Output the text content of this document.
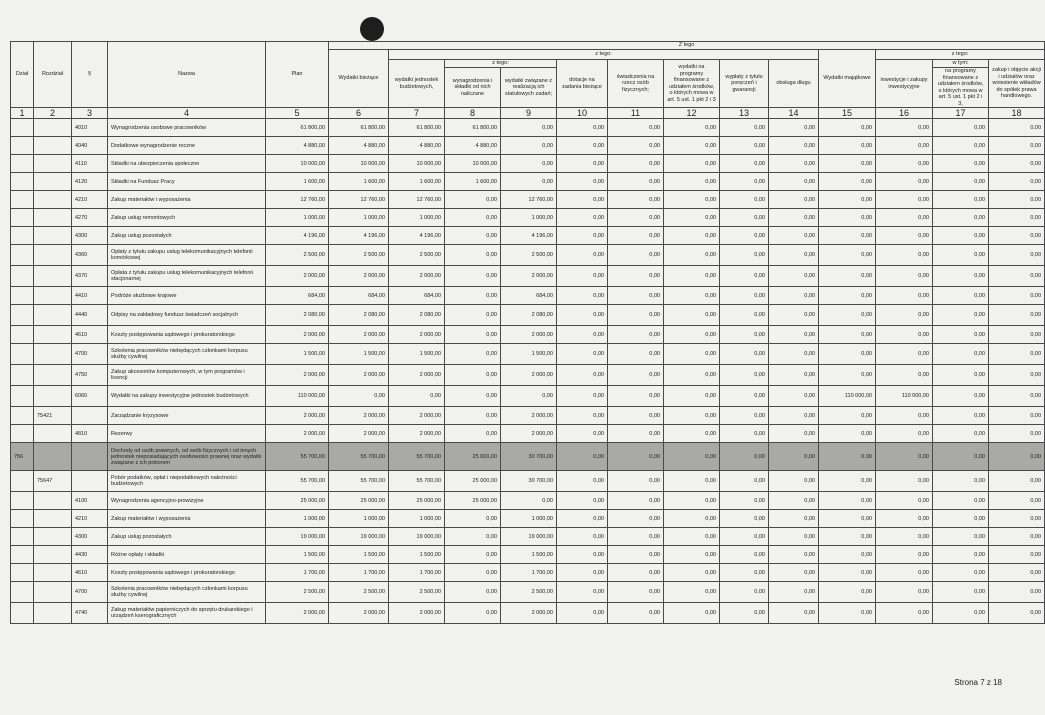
Dział	Rozdział	§	Nazwa	Plan	Z tego												
					Wydatki bieżące	z tego:								Wydatki majątkowe	z tego:		
						wydatki jednostek budżetowych,	z tego:		dotacje na zadania bieżące	świadczenia na rzecz osób fizycznych;	wydatki na programy finansowane z udziałem środków, o których mowa w art. 5 ust. 1 pkt 2 i 3	wypłaty z tytułu poręczeń i gwarancji	obsługa długu		inwestycje i zakupy inwestycyjne	w tym:	zakup i objęcie akcji i udziałów oraz wniesienie wkładów do spółek prawa handlowego.
							wynagrodzenia i składki od nich naliczane	wydatki związane z realizacją ich statutowych zadań;								na programy finansowane z udziałem środków, o których mowa w art. 5 ust. 1 pkt 2 i 3,	

1	2	3	4	5	6	7	8	9	10	11	12	13	14	15	16	17	18
		4010	Wynagrodzenia osobowe pracowników	61 800,00	61 800,00	61 800,00	61 800,00	0,00	0,00	0,00	0,00	0,00	0,00	0,00	0,00	0,00	0,00
		4040	Dodatkowe wynagrodzenie roczne	4 880,00	4 880,00	4 880,00	4 880,00	0,00	0,00	0,00	0,00	0,00	0,00	0,00	0,00	0,00	0,00
		4110	Składki na ubezpieczenia społeczne	10 000,00	10 000,00	10 000,00	10 000,00	0,00	0,00	0,00	0,00	0,00	0,00	0,00	0,00	0,00	0,00
		4120	Składki na Fundusz Pracy	1 600,00	1 600,00	1 600,00	1 600,00	0,00	0,00	0,00	0,00	0,00	0,00	0,00	0,00	0,00	0,00
		4210	Zakup materiałów i wyposażenia	12 760,00	12 760,00	12 760,00	0,00	12 760,00	0,00	0,00	0,00	0,00	0,00	0,00	0,00	0,00	0,00
		4270	Zakup usług remontowych	1 000,00	1 000,00	1 000,00	0,00	1 000,00	0,00	0,00	0,00	0,00	0,00	0,00	0,00	0,00	0,00
		4300	Zakup usług pozostałych	4 196,00	4 196,00	4 196,00	0,00	4 196,00	0,00	0,00	0,00	0,00	0,00	0,00	0,00	0,00	0,00
		4360	Opłaty z tytułu zakupu usług telekomunikacyjnych telefonii komórkowej	2 500,00	2 500,00	2 500,00	0,00	2 500,00	0,00	0,00	0,00	0,00	0,00	0,00	0,00	0,00	0,00
		4370	Opłata z tytułu zakupu usług telekomunikacyjnych telefonii stacjonarnej	2 000,00	2 000,00	2 000,00	0,00	2 000,00	0,00	0,00	0,00	0,00	0,00	0,00	0,00	0,00	0,00
		4410	Podróże służbowe krajowe	684,00	684,00	684,00	0,00	684,00	0,00	0,00	0,00	0,00	0,00	0,00	0,00	0,00	0,00
		4440	Odpisy na zakładowy fundusz świadczeń socjalnych	2 080,00	2 080,00	2 080,00	0,00	2 080,00	0,00	0,00	0,00	0,00	0,00	0,00	0,00	0,00	0,00
		4610	Koszty postępowania sądowego i prokuratorskiego	2 000,00	2 000,00	2 000,00	0,00	2 000,00	0,00	0,00	0,00	0,00	0,00	0,00	0,00	0,00	0,00
		4700	Szkolenia pracowników niebędących członkami korpusu służby cywilnej	1 500,00	1 500,00	1 500,00	0,00	1 500,00	0,00	0,00	0,00	0,00	0,00	0,00	0,00	0,00	0,00
		4750	Zakup akcesoriów komputerowych, w tym programów i licencji	2 000,00	2 000,00	2 000,00	0,00	2 000,00	0,00	0,00	0,00	0,00	0,00	0,00	0,00	0,00	0,00
		6060	Wydatki na zakupy inwestycyjne jednostek budżetowych	110 000,00	0,00	0,00	0,00	0,00	0,00	0,00	0,00	0,00	0,00	110 000,00	110 000,00	0,00	0,00
	75421		Zarządzanie kryzysowe	2 000,00	2 000,00	2 000,00	0,00	2 000,00	0,00	0,00	0,00	0,00	0,00	0,00	0,00	0,00	0,00
		4810	Rezerwy	2 000,00	2 000,00	2 000,00	0,00	2 000,00	0,00	0,00	0,00	0,00	0,00	0,00	0,00	0,00	0,00
756			Dochody od osób prawnych, od osób fizycznych i od innych jednostek nieposiadających osobowości prawnej oraz wydatki związane z ich poborem	55 700,00	55 700,00	55 700,00	25 000,00	30 700,00	0,00	0,00	0,00	0,00	0,00	0,00	0,00	0,00	0,00
	75647		Pobór podatków, opłat i niepodatkowych należności budżetowych	55 700,00	55 700,00	55 700,00	25 000,00	30 700,00	0,00	0,00	0,00	0,00	0,00	0,00	0,00	0,00	0,00
		4100	Wynagrodzenia agencyjno-prowizyjne	25 000,00	25 000,00	25 000,00	25 000,00	0,00	0,00	0,00	0,00	0,00	0,00	0,00	0,00	0,00	0,00
		4210	Zakup materiałów i wyposażenia	1 000,00	1 000,00	1 000,00	0,00	1 000,00	0,00	0,00	0,00	0,00	0,00	0,00	0,00	0,00	0,00
		4300	Zakup usług pozostałych	19 000,00	19 000,00	19 000,00	0,00	19 000,00	0,00	0,00	0,00	0,00	0,00	0,00	0,00	0,00	0,00
		4430	Różne opłaty i składki	1 500,00	1 500,00	1 500,00	0,00	1 500,00	0,00	0,00	0,00	0,00	0,00	0,00	0,00	0,00	0,00
		4610	Koszty postępowania sądowego i prokuratorskiego	1 700,00	1 700,00	1 700,00	0,00	1 700,00	0,00	0,00	0,00	0,00	0,00	0,00	0,00	0,00	0,00
		4700	Szkolenia pracowników niebędących członkami korpusu służby cywilnej	2 500,00	2 500,00	2 500,00	0,00	2 500,00	0,00	0,00	0,00	0,00	0,00	0,00	0,00	0,00	0,00
		4740	Zakup materiałów papierniczych do sprzętu drukarskiego i urządzeń kserograficznych	2 000,00	2 000,00	2 000,00	0,00	2 000,00	0,00	0,00	0,00	0,00	0,00	0,00	0,00	0,00	0,00
Strona 7 z 18
